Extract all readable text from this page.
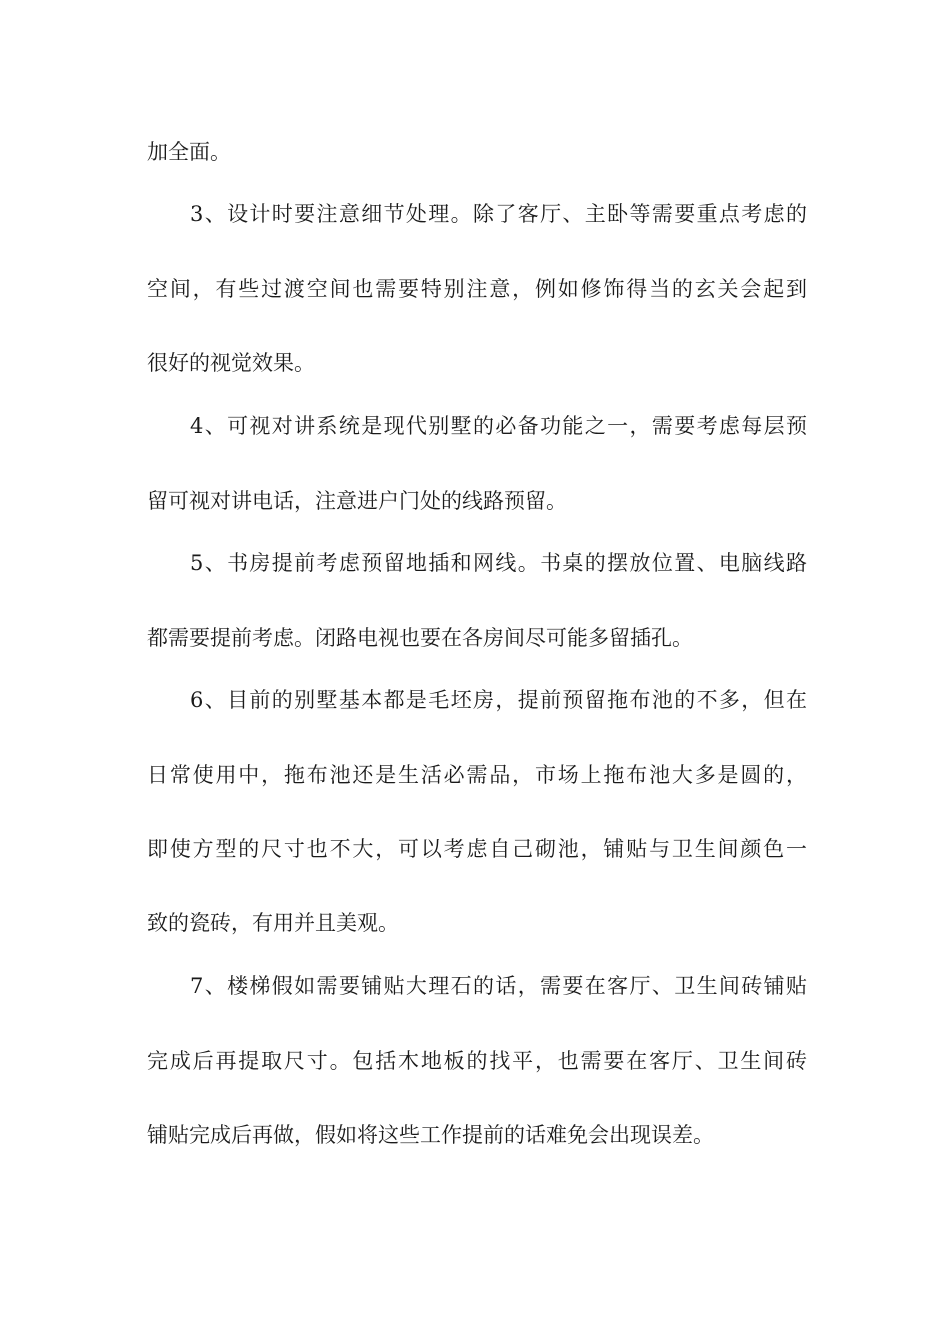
加全面。
3、设计时要注意细节处理。除了客厅、主卧等需要重点考虑的
空间，有些过渡空间也需要特别注意，例如修饰得当的玄关会起到
很好的视觉效果。
4、可视对讲系统是现代别墅的必备功能之一，需要考虑每层预
留可视对讲电话，注意进户门处的线路预留。
5、书房提前考虑预留地插和网线。书桌的摆放位置、电脑线路
都需要提前考虑。闭路电视也要在各房间尽可能多留插孔。
6、目前的别墅基本都是毛坯房，提前预留拖布池的不多，但在
日常使用中，拖布池还是生活必需品，市场上拖布池大多是圆的，
即使方型的尺寸也不大，可以考虑自己砌池，铺贴与卫生间颜色一
致的瓷砖，有用并且美观。
7、楼梯假如需要铺贴大理石的话，需要在客厅、卫生间砖铺贴
完成后再提取尺寸。包括木地板的找平，也需要在客厅、卫生间砖
铺贴完成后再做，假如将这些工作提前的话难免会出现误差。
